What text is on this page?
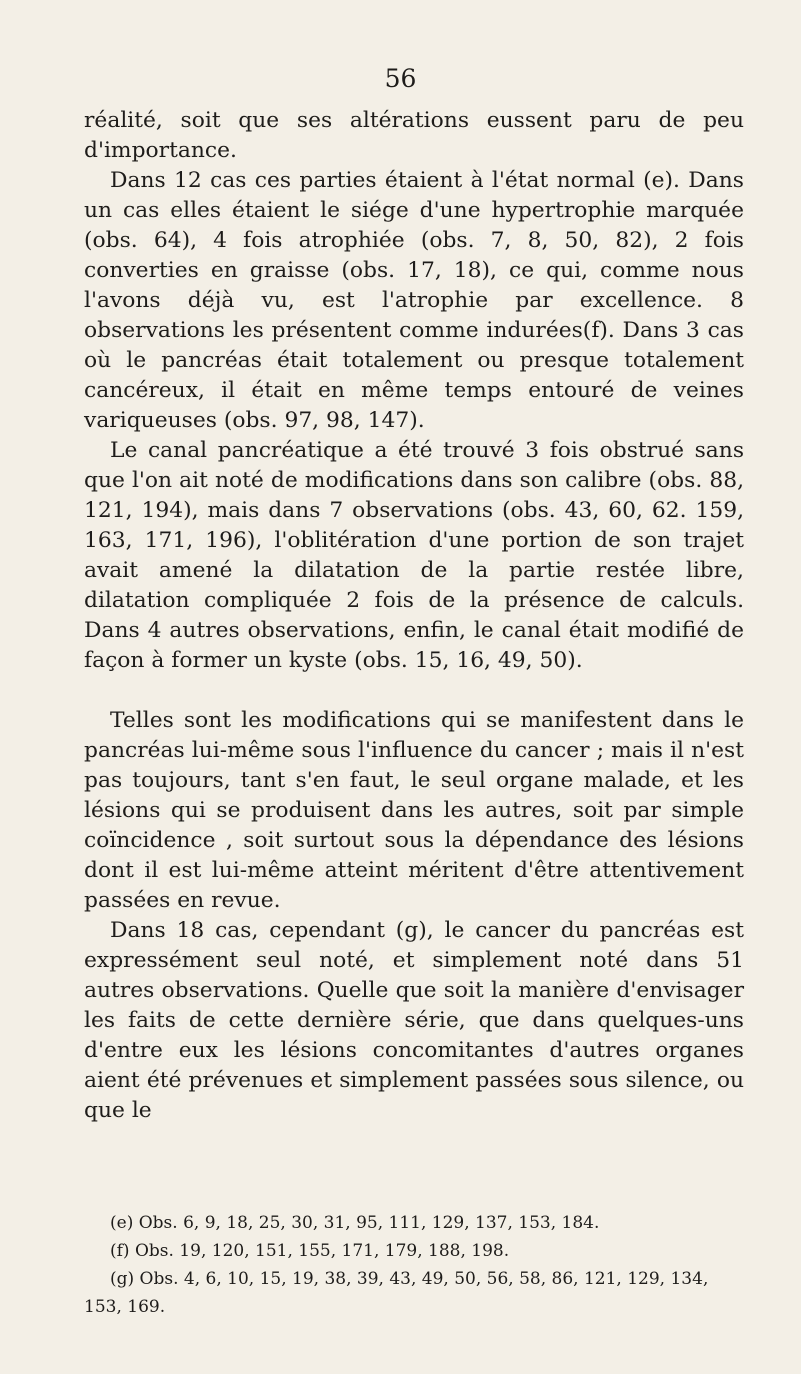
56

réalité, soit que ses altérations eussent paru de peu d'importance.

Dans 12 cas ces parties étaient à l'état normal (e). Dans un cas elles étaient le siége d'une hypertrophie marquée (obs. 64), 4 fois atrophiée (obs. 7, 8, 50, 82), 2 fois converties en graisse (obs. 17, 18), ce qui, comme nous l'avons déjà vu, est l'atrophie par excellence. 8 observations les présentent comme indurées(f). Dans 3 cas où le pancréas était totalement ou presque totalement cancéreux, il était en même temps entouré de veines variqueuses (obs. 97, 98, 147).

Le canal pancréatique a été trouvé 3 fois obstrué sans que l'on ait noté de modifications dans son calibre (obs. 88, 121, 194), mais dans 7 observations (obs. 43, 60, 62. 159, 163, 171, 196), l'oblitération d'une portion de son trajet avait amené la dilatation de la partie restée libre, dilatation compliquée 2 fois de la présence de calculs. Dans 4 autres observations, enfin, le canal était modifié de façon à former un kyste (obs. 15, 16, 49, 50).

Telles sont les modifications qui se manifestent dans le pancréas lui-même sous l'influence du cancer ; mais il n'est pas toujours, tant s'en faut, le seul organe malade, et les lésions qui se produisent dans les autres, soit par simple coïncidence , soit surtout sous la dépendance des lésions dont il est lui-même atteint méritent d'être attentivement passées en revue.

Dans 18 cas, cependant (g), le cancer du pancréas est expressément seul noté, et simplement noté dans 51 autres observations. Quelle que soit la manière d'envisager les faits de cette dernière série, que dans quelques-uns d'entre eux les lésions concomitantes d'autres organes aient été prévenues et simplement passées sous silence, ou que le

(e) Obs. 6, 9, 18, 25, 30, 31, 95, 111, 129, 137, 153, 184.

(f) Obs. 19, 120, 151, 155, 171, 179, 188, 198.

(g) Obs. 4, 6, 10, 15, 19, 38, 39, 43, 49, 50, 56, 58, 86, 121, 129, 134, 153, 169.
